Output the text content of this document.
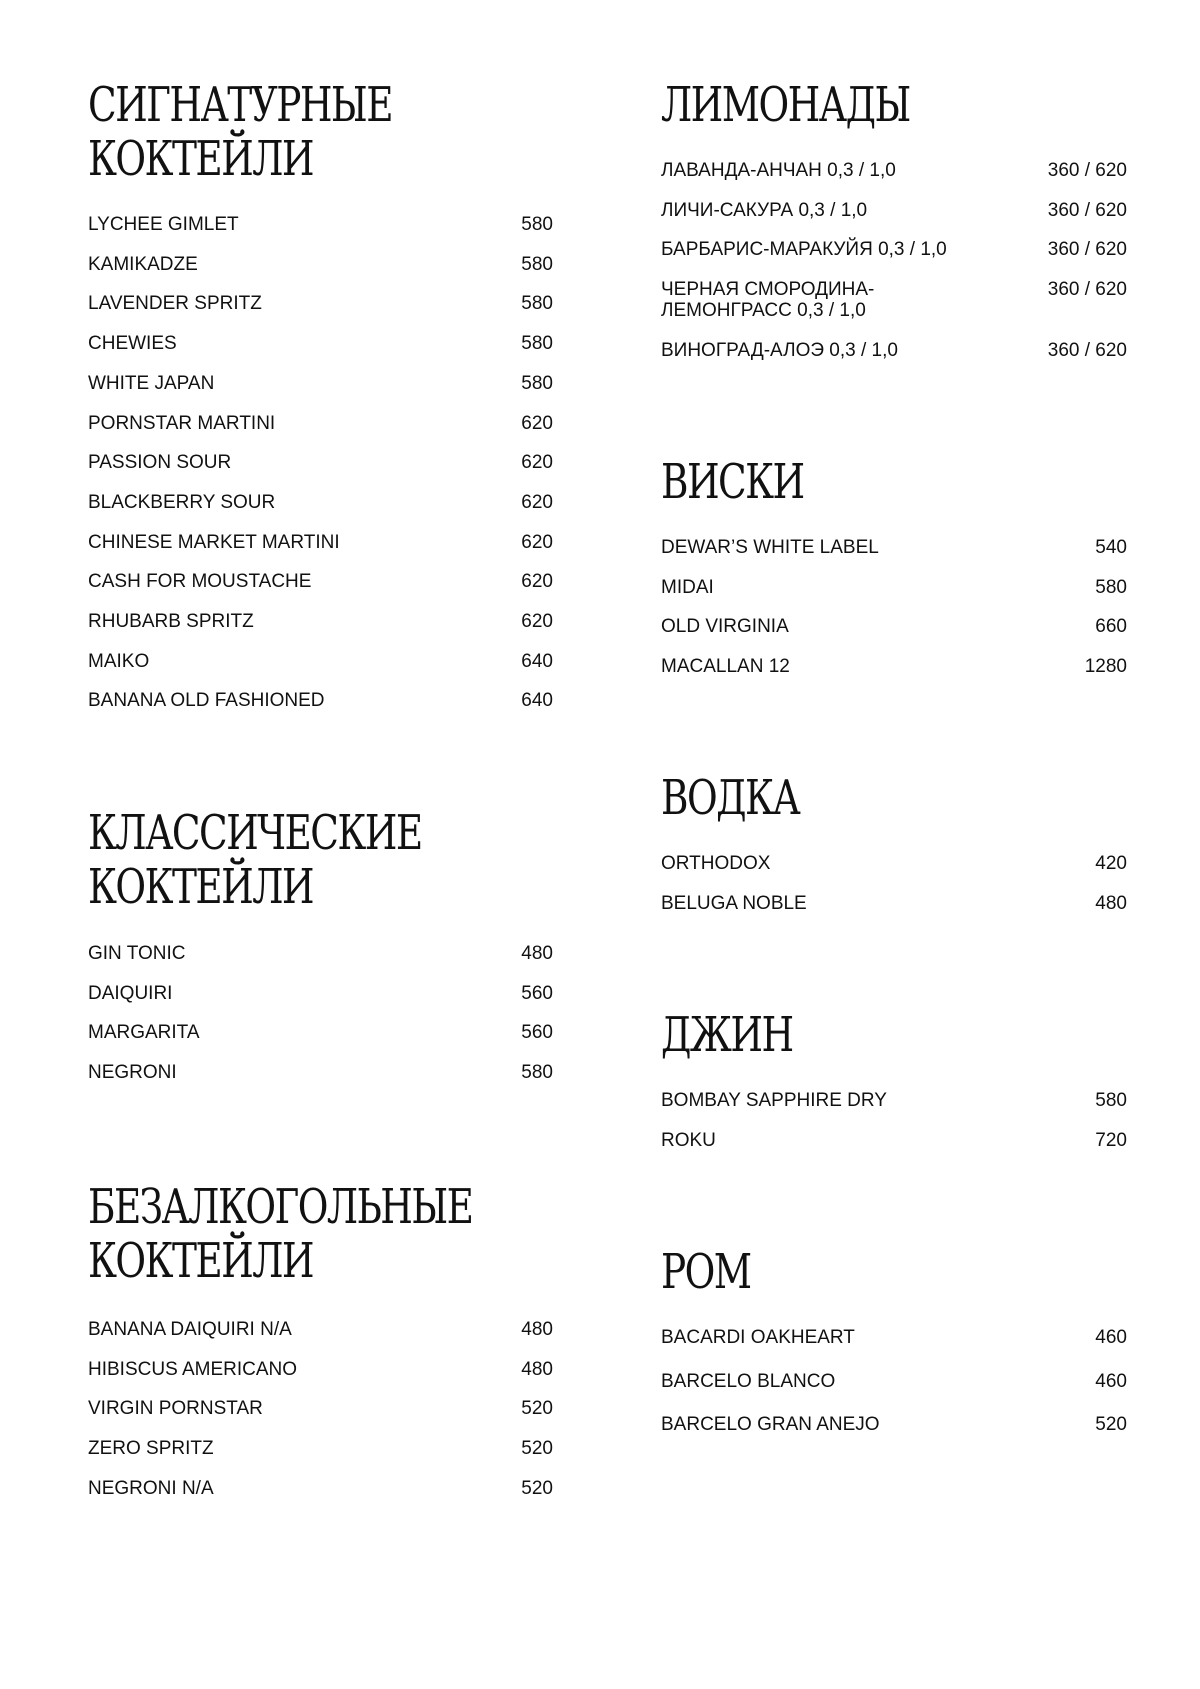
СИГНАТУРНЫЕ
КОКТЕЙЛИ
LYCHEE GIMLET	580
KAMIKADZE	580
LAVENDER SPRITZ	580
CHEWIES	580
WHITE JAPAN	580
PORNSTAR MARTINI	620
PASSION SOUR	620
BLACKBERRY SOUR	620
CHINESE MARKET MARTINI	620
CASH FOR MOUSTACHE	620
RHUBARB SPRITZ	620
MAIKO	640
BANANA OLD FASHIONED	640
КЛАССИЧЕСКИЕ
КОКТЕЙЛИ
GIN TONIC	480
DAIQUIRI	560
MARGARITA	560
NEGRONI	580
БЕЗАЛКОГОЛЬНЫЕ
КОКТЕЙЛИ
BANANA DAIQUIRI N/A	480
HIBISCUS AMERICANO	480
VIRGIN PORNSTAR	520
ZERO SPRITZ	520
NEGRONI N/A	520
ЛИМОНАДЫ
ЛАВАНДА-АНЧАН 0,3 / 1,0	360 / 620
ЛИЧИ-САКУРА 0,3 / 1,0	360 / 620
БАРБАРИС-МАРАКУЙЯ 0,3 / 1,0	360 / 620
ЧЕРНАЯ СМОРОДИНА-
ЛЕМОНГРАСС 0,3 / 1,0
360 / 620
ВИНОГРАД-АЛОЭ 0,3 / 1,0	360 / 620
ВИСКИ
DEWAR’S WHITE LABEL	540
MIDAI	580
OLD VIRGINIA	660
MACALLAN 12	1280
ВОДКА
ORTHODOX	420
BELUGA NOBLE	480
ДЖИН
BOMBAY SAPPHIRE DRY	580
ROKU	720
РОМ
BACARDI OAKHEART	460
BARCELO BLANCO	460
BARCELO GRAN ANEJO	520
